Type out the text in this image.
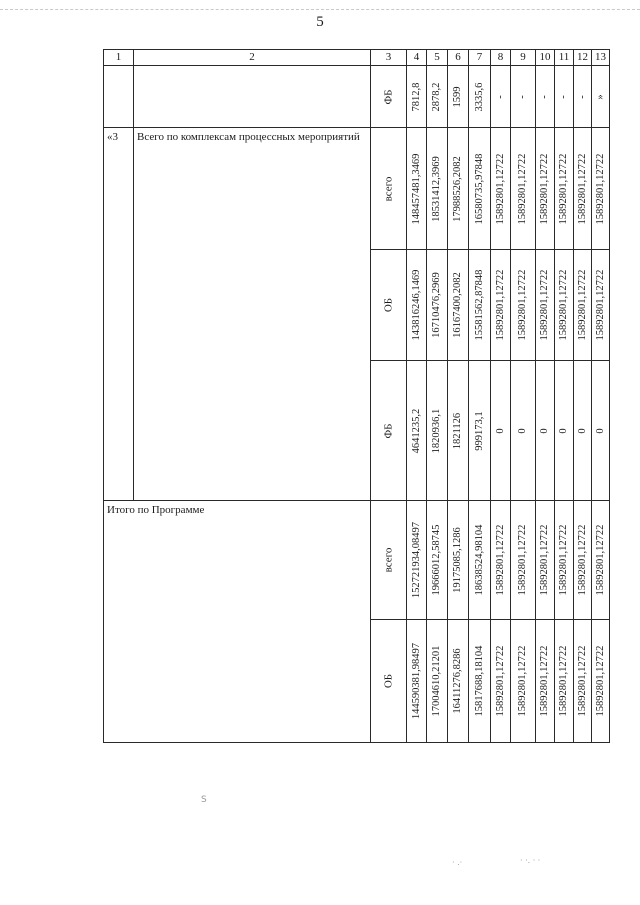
5
1	2	3	4	5	6	7	8	9	10	11	12	13

		ФБ	7812,8	2878,2	1599	3335,6	-	-	-	-	-	»

«3	Всего по комплексам процессных мероприятий	всего	148457481,3469	18531412,3969	17988526,2082	16580735,97848	15892801,12722	15892801,12722	15892801,12722	15892801,12722	15892801,12722	15892801,12722

		ОБ	143816246,1469	16710476,2969	16167400,2082	15581562,87848	15892801,12722	15892801,12722	15892801,12722	15892801,12722	15892801,12722	15892801,12722

		ФБ	4641235,2	1820936,1	1821126	999173,1	0	0	0	0	0	0

Итого по Программе		всего	152721934,08497	19666012,58745	19175085,1286	18638524,98104	15892801,12722	15892801,12722	15892801,12722	15892801,12722	15892801,12722	15892801,12722

		ОБ	144590381,98497	17004610,21201	16411276,8286	15817688,18104	15892801,12722	15892801,12722	15892801,12722	15892801,12722	15892801,12722	15892801,12722
S
· .·	· ·. · ·
